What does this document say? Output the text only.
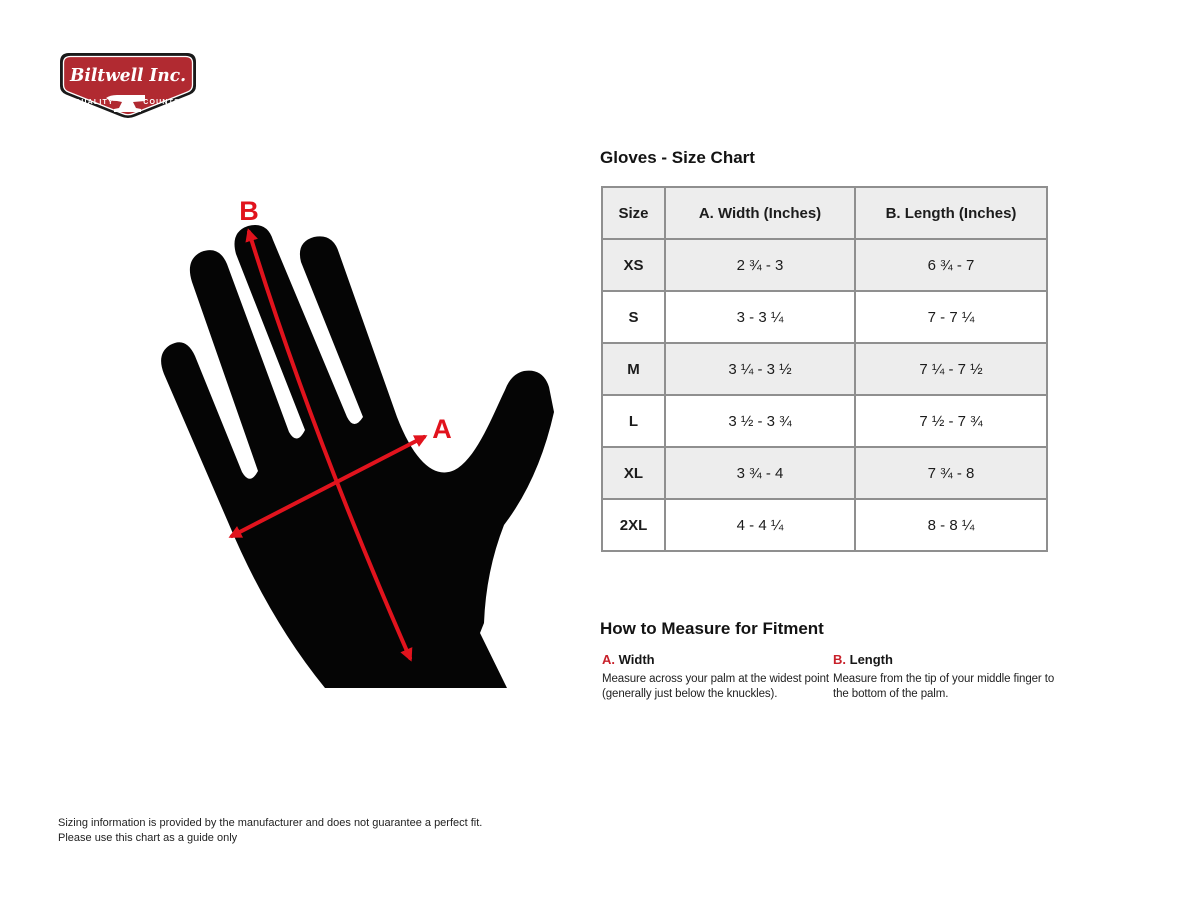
Biltwell Inc.
“QUALITY	COUNTS”
B
A
Gloves - Size Chart
Size	A. Width (Inches)	B. Length (Inches)
XS	2 ¾ - 3	6 ¾ - 7
S	3 - 3 ¼	7 - 7 ¼
M	3 ¼ - 3 ½	7 ¼ - 7 ½
L	3 ½ - 3 ¾	7 ½ - 7 ¾
XL	3 ¾ - 4	7 ¾ - 8
2XL	4 - 4 ¼	8 - 8 ¼
How to Measure for Fitment
A. Width
Measure across your palm at the widest point (generally just below the knuckles).
B. Length
Measure from the tip of your middle finger to the bottom of the palm.
Sizing information is provided by the manufacturer and does not guarantee a perfect fit.
Please use this chart as a guide only
